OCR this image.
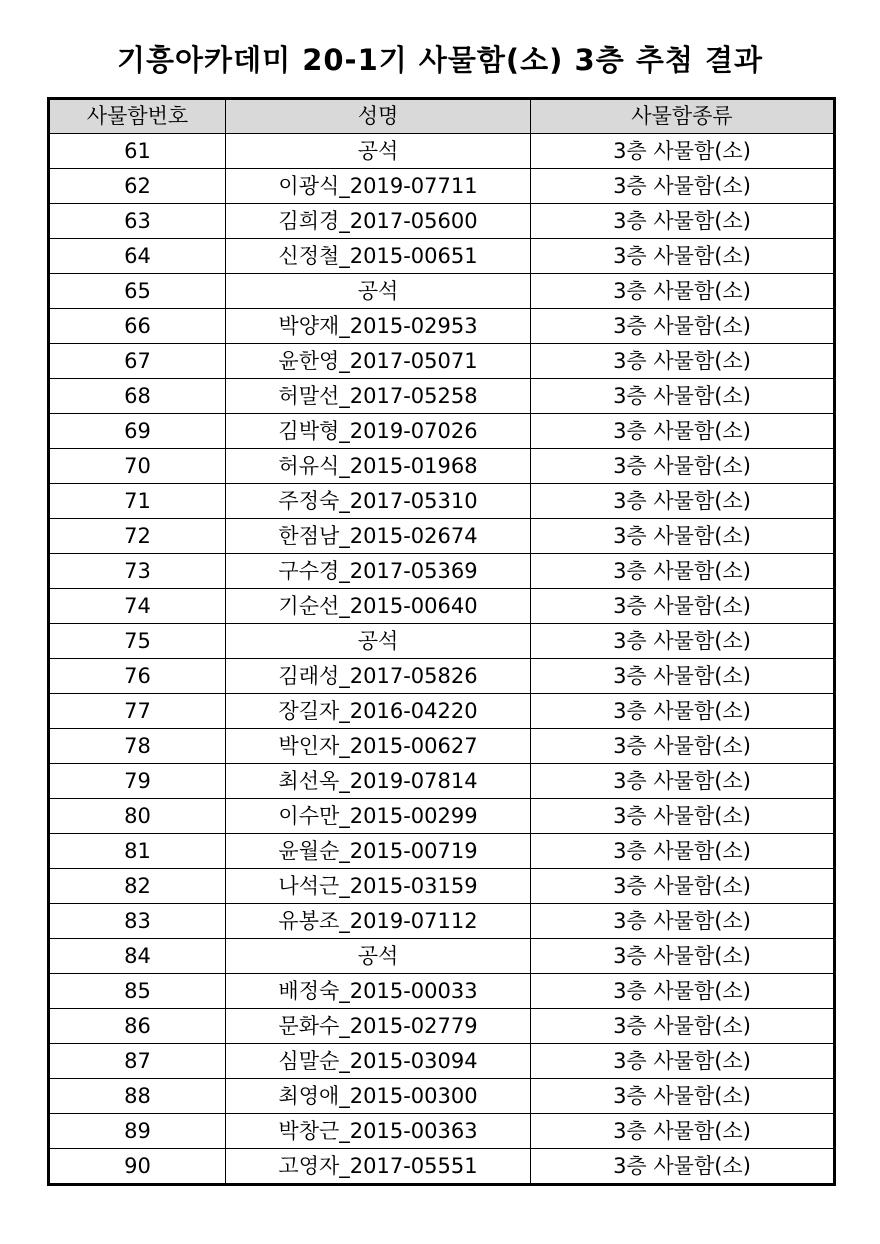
기흥아카데미 20-1기 사물함(소) 3층 추첨 결과
사물함번호	성명	사물함종류
61	공석	3층 사물함(소)
62	이광식_2019-07711	3층 사물함(소)
63	김희경_2017-05600	3층 사물함(소)
64	신정철_2015-00651	3층 사물함(소)
65	공석	3층 사물함(소)
66	박양재_2015-02953	3층 사물함(소)
67	윤한영_2017-05071	3층 사물함(소)
68	허말선_2017-05258	3층 사물함(소)
69	김박형_2019-07026	3층 사물함(소)
70	허유식_2015-01968	3층 사물함(소)
71	주정숙_2017-05310	3층 사물함(소)
72	한점남_2015-02674	3층 사물함(소)
73	구수경_2017-05369	3층 사물함(소)
74	기순선_2015-00640	3층 사물함(소)
75	공석	3층 사물함(소)
76	김래성_2017-05826	3층 사물함(소)
77	장길자_2016-04220	3층 사물함(소)
78	박인자_2015-00627	3층 사물함(소)
79	최선옥_2019-07814	3층 사물함(소)
80	이수만_2015-00299	3층 사물함(소)
81	윤월순_2015-00719	3층 사물함(소)
82	나석근_2015-03159	3층 사물함(소)
83	유봉조_2019-07112	3층 사물함(소)
84	공석	3층 사물함(소)
85	배정숙_2015-00033	3층 사물함(소)
86	문화수_2015-02779	3층 사물함(소)
87	심말순_2015-03094	3층 사물함(소)
88	최영애_2015-00300	3층 사물함(소)
89	박창근_2015-00363	3층 사물함(소)
90	고영자_2017-05551	3층 사물함(소)
